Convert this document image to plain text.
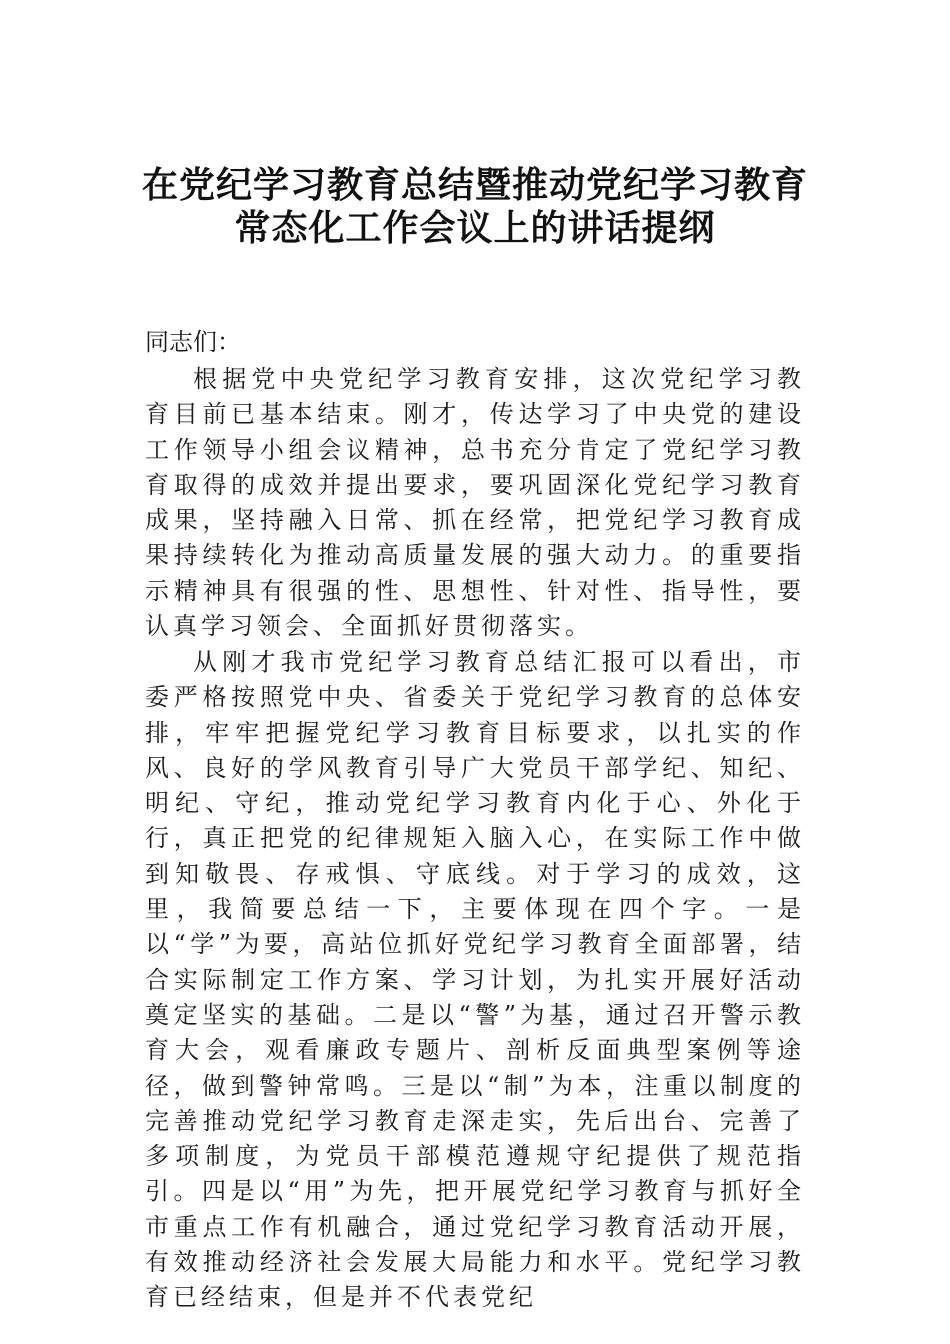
在党纪学习教育总结暨推动党纪学习教育
常态化工作会议上的讲话提纲
同志们：

根据党中央党纪学习教育安排，这次党纪学习教育目前已基本结束。刚才，传达学习了中央党的建设工作领导小组会议精神，总书充分肯定了党纪学习教育取得的成效并提出要求，要巩固深化党纪学习教育成果，坚持融入日常、抓在经常，把党纪学习教育成果持续转化为推动高质量发展的强大动力。的重要指示精神具有很强的性、思想性、针对性、指导性，要认真学习领会、全面抓好贯彻落实。

从刚才我市党纪学习教育总结汇报可以看出，市委严格按照党中央、省委关于党纪学习教育的总体安排，牢牢把握党纪学习教育目标要求，以扎实的作风、良好的学风教育引导广大党员干部学纪、知纪、明纪、守纪，推动党纪学习教育内化于心、外化于行，真正把党的纪律规矩入脑入心，在实际工作中做到知敬畏、存戒惧、守底线。对于学习的成效，这里，我简要总结一下，主要体现在四个字。一是以“学”为要，高站位抓好党纪学习教育全面部署，结合实际制定工作方案、学习计划，为扎实开展好活动奠定坚实的基础。二是以“警”为基，通过召开警示教育大会，观看廉政专题片、剖析反面典型案例等途径，做到警钟常鸣。三是以“制”为本，注重以制度的完善推动党纪学习教育走深走实，先后出台、完善了多项制度，为党员干部模范遵规守纪提供了规范指引。四是以“用”为先，把开展党纪学习教育与抓好全市重点工作有机融合，通过党纪学习教育活动开展，有效推动经济社会发展大局能力和水平。党纪学习教育已经结束，但是并不代表党纪
